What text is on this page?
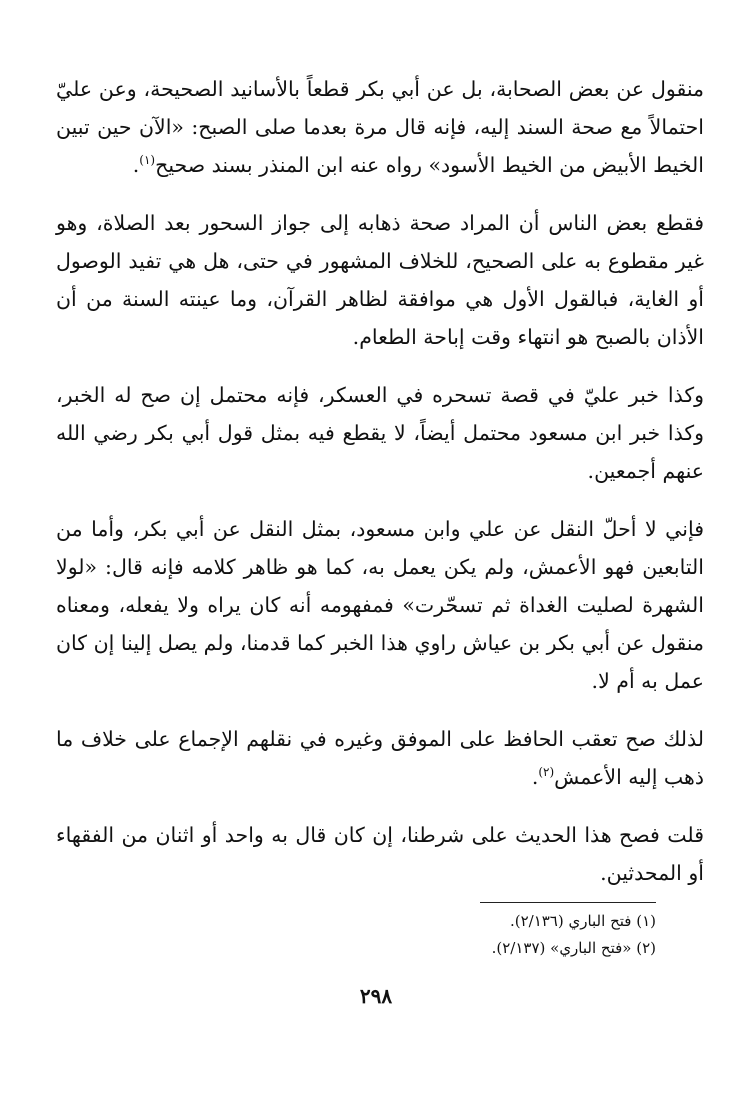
منقول عن بعض الصحابة، بل عن أبي بكر قطعاً بالأسانيد الصحيحة، وعن عليّ احتمالاً مع صحة السند إليه، فإنه قال مرة بعدما صلى الصبح: «الآن حين تبين الخيط الأبيض من الخيط الأسود» رواه عنه ابن المنذر بسند صحيح$^{(١)}$.

فقطع بعض الناس أن المراد صحة ذهابه إلى جواز السحور بعد الصلاة، وهو غير مقطوع به على الصحيح، للخلاف المشهور في حتى، هل هي تفيد الوصول أو الغاية، فبالقول الأول هي موافقة لظاهر القرآن، وما عينته السنة من أن الأذان بالصبح هو انتهاء وقت إباحة الطعام.

وكذا خبر عليّ في قصة تسحره في العسكر، فإنه محتمل إن صح له الخبر، وكذا خبر ابن مسعود محتمل أيضاً، لا يقطع فيه بمثل قول أبي بكر رضي الله عنهم أجمعين.

فإني لا أحلّ النقل عن علي وابن مسعود، بمثل النقل عن أبي بكر، وأما من التابعين فهو الأعمش، ولم يكن يعمل به، كما هو ظاهر كلامه فإنه قال: «لولا الشهرة لصليت الغداة ثم تسحّرت» فمفهومه أنه كان يراه ولا يفعله، ومعناه منقول عن أبي بكر بن عياش راوي هذا الخبر كما قدمنا، ولم يصل إلينا إن كان عمل به أم لا.

لذلك صح تعقب الحافظ على الموفق وغيره في نقلهم الإجماع على خلاف ما ذهب إليه الأعمش$^{(٢)}$.

قلت فصح هذا الحديث على شرطنا، إن كان قال به واحد أو اثنان من الفقهاء أو المحدثين.

(١) فتح الباري (٢/١٣٦).
(٢) «فتح الباري» (٢/١٣٧).
٢٩٨
